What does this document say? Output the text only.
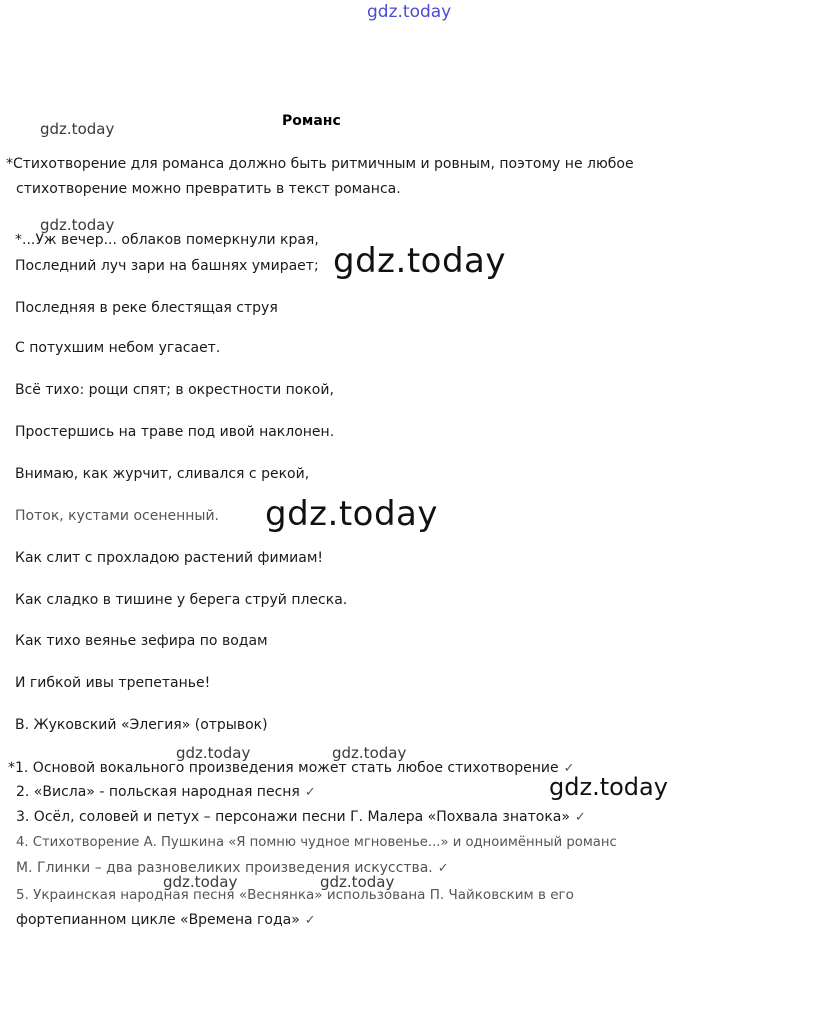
gdz.today
gdz.today
gdz.today
gdz.today
gdz.today
gdz.today	gdz.today
gdz.today
gdz.today	gdz.today
Романс
*Стихотворение для романса должно быть ритмичным и ровным, поэтому не любое
стихотворение можно превратить в текст романса.
*...Уж вечер... облаков померкнули края,
Последний луч зари на башнях умирает;
Последняя в реке блестящая струя
С потухшим небом угасает.
Всё тихо: рощи спят; в окрестности покой,
Простершись на траве под ивой наклонен.
Внимаю, как журчит, сливался с рекой,
Поток, кустами осененный.
Как слит с прохладою растений фимиам!
Как сладко в тишине у берега струй плеска.
Как тихо веянье зефира по водам
И гибкой ивы трепетанье!
В. Жуковский «Элегия» (отрывок)
*1. Основой вокального произведения может стать любое стихотворение ✓
2. «Висла» - польская народная песня ✓
3. Осёл, соловей и петух – персонажи песни Г. Малера «Похвала знатока» ✓
4. Стихотворение А. Пушкина «Я помню чудное мгновенье...» и одноимённый романс
М. Глинки – два разновеликих произведения искусства. ✓
5. Украинская народная песня «Веснянка» использована П. Чайковским в его
фортепианном цикле «Времена года» ✓
